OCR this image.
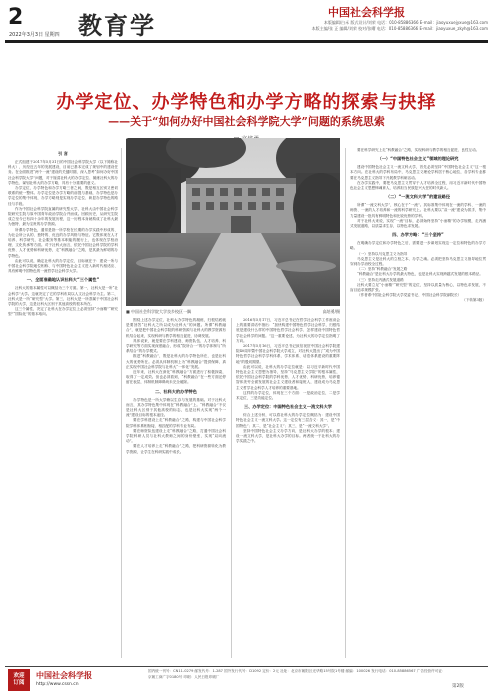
2
2022年3月3日 星期四 教育学	中国社会科学报
本版编辑/白禾 版式设计/刘荣 电话：010-85886366 E-mail：jiaoyuxuejyxue@163.com
本版主编/张 正 编辑/刘荣 校对/张曙 电话：010-85886366 E-mail：jiaoyuxue_zkyh@163.com
办学定位、办学特色和办学方略的探索与抉择
——关于“如何办好中国社会科学院大学”问题的系统思索

引 言

正式组建于2017年5月31日的中国社会科学院大学（以下简称社科大），历经近五年的发展建设，目前已基本完成了规划中的建设任务。在全面推进“两个一流”建设的关键时期，深入思考“如何办好中国社会科学院大学”问题，对于厘清社科大的办学定位、凝练社科大的办学特色、谋划社科大的办学方略，具有十分重要的意义。

办学定位，办学特色和办学方略三者之间，既是相互区别又密切联系的统一整体。办学定位是办学方略的前提与基础，办学特色是办学定位的集中体现，办学方略则是实现办学定位、彰显办学特色的路径与手段。

作为中国社会科学院直属的研究型大学，社科大由中国社会科学院研究生院与原中国青年政治学院合并而成。回顾历史，从研究生院成立至今已有四十余年的发展历程，这一历程本身就构成了社科大最为独特、最为宝贵的办学资源。

所谓办学特色，通常是指一所学校在长期的办学实践中形成的、为社会所公认的、独特的、优良的办学风格与特征。它既体现在人才培养、科学研究、社会服务等基本职能的履行上，也体现在学校治理、文化传承等方面。对于社科大而言，依托中国社会科学院的学科优势、人才优势和科研优势，走“科教融合”之路，是其最为鲜明的办学特色。

由此可以说，确定社科大的办学定位，目标就在于：建设一所与中国社会科学院地位相称、与中国特色社会主义进入新时代相适应、具有鲜明中国特色的一流哲学社会科学大学。

一、全面准确地认识社科大“三个属性”

社科大的基本属性可以概括为三个方面。第一，社科大是一所“社会科学”大学。这就决定了它的学科布局以人文社会科学为主。第二，社科大是一所“研究型”大学。第三，社科大是一所隶属于中国社会科学院的大学，这是社科大区别于其他高校的根本所在。

这三个属性，决定了社科大在办学定位上必须坚持“小而精”“研究型”“国际化”的基本取向。

■ 中国社会科学院大学良乡校区一隅	高培勇/摄

围绕上述办学定位，社科大办学特色的凝练，归根结底就是要回答“社科大之所以成为社科大”的问题。所谓“科教融合”，就是把中国社会科学院的科研资源与社科大的教学资源有机结合起来，实现科研与教学的相互促进、协调发展。

具体说来，就是要在学科建设、师资队伍、人才培养、科学研究等方面实现深度融合，形成“院所合一”的办学体制与“所系结合”的办学模式。

推进“科教融合”，既是社科大的办学特色所在，也是社科大的优势所在。必须从体制机制上为“科教融合”提供保障，真正实现中国社会科学院与社科大“一体化”发展。

近年来，社科大在深化“科教融合”方面进行了积极探索，取得了一定成效。但也必须看到，“科教融合”在一些方面还停留在表层，体制机制障碍尚未完全破除。

二、社科大的办学特色

办学特色是一所大学赖以生存与发展的基础。对于社科大而言，其办学特色集中体现在“科教融合”上。“科教融合”不仅是社科大区别于其他高校的标志，也是社科大实现“两个一流”建设目标的根本途径。

要在学科建设上走“科教融合”之路，构建与中国社会科学院学科体系相衔接、相匹配的学科专业布局。

要在师资队伍建设上走“科教融合”之路，打通中国社会科学院科研人员与社科大教师之间的身份壁垒，实现“双向流动”。

要在人才培养上走“科教融合”之路，把科研资源转化为教学资源，让学生在科研实践中成长。

2016年5月17日，习近平总书记在哲学社会科学工作座谈会上的重要讲话中指出：“加快构建中国特色哲学社会科学，归根结底是建设什么样的中国特色哲学社会科学、怎样建设中国特色哲学社会科学的问题。”这一重要论述，为社科大的办学定位指明了方向。

2017年5月16日，习近平总书记致信祝贺中国社会科学院建院40周年暨中国社会科学院大学成立，对社科大提出了“成为中国特色哲学社会科学学科体系、学术体系、话语体系建设的重要阵地”的殷切期望。

由此可以说，社科大的办学定位就是：以习近平新时代中国特色社会主义思想为指导，坚持“马克思主义学院”的根本属性，依托中国社会科学院的学科优势、人才优势、科研优势，培养德智体美劳全面发展的社会主义建设者和接班人，建设成为马克思主义哲学社会科学人才培养的重要基地。

这样的办学定位，体现在三个方面：一是政治定位，二是学术定位，三是功能定位。

三、办学定位：中国特色社会主义一流文科大学

综合上述分析，可以将社科大的办学定位概括为：建设中国特色社会主义一流文科大学。这一定位有三层含义：其一，是“中国特色”；其二，是“社会主义”；其三，是“一流文科大学”。

坚持中国特色社会主义办学方向，是社科大办学的根本；建设一流文科大学，是社科大办学的目标。两者统一于社科大的办学实践之中。

要在科学研究上走“科教融合”之路，实现科研与教学的相互促进、良性互动。

（一）“中国特色社会主义”领域的理论研究

建设中国特色社会主义一流文科大学，首先必须坚持“中国特色社会主义”这一根本方向。在社科大的学科布局中，马克思主义理论学科居于核心地位，各学科专业都要在马克思主义指导下开展教学科研活动。

在办学实践中，要把马克思主义贯穿于人才培养全过程，用习近平新时代中国特色社会主义思想铸魂育人，培养担当民族复兴大任的时代新人。

（二）“一流文科大学”的建设路径

所谓“一流文科大学”，核心在于“一流”。其标准集中体现在一流的学科、一流的师资、一流的人才培养和一流的科学研究上。社科大要以“双一流”建设为抓手，集中力量建设一批具有鲜明特色和比较优势的学科。

对于社科大来说，实现“一流”目标，必须始终坚持“小而精”的办学规模，走内涵式发展道路，以质量求生存，以特色求发展。

四、办学方略：“三个坚持”

在明确办学定位和办学特色之后，需要进一步谋划实现这一定位和特色的办学方略。

（一）坚持以马克思主义为指导

马克思主义是社科大的立校之本、办学之魂。必须把坚持马克思主义指导地位贯穿到办学治校全过程。

（二）坚持“科教融合”发展之路

“科教融合”是社科大办学的最大特色，也是社科大实现跨越式发展的根本路径。

（三）坚持走内涵式发展道路

社科大要立足“小而精”“研究型”的定位，坚持以质量为核心，以特色求发展，不盲目追求规模扩张。

（作者系中国社会科学院大学党委书记、中国社会科学院副院长）

（下转第3版）

欢迎
订阅
中国社会科学报
http://www.cssn.cn
国内统一刊号：CN11-0279 邮发代号：1-287 国外发行代号：D1092 定价：2元 社址：北京市朝阳区光华路15号院1号楼 邮编：100026 发行电话：010-85886567 广告经营许可证：京朝工商广字0180号 印刷：人民日报印刷厂
第2版
